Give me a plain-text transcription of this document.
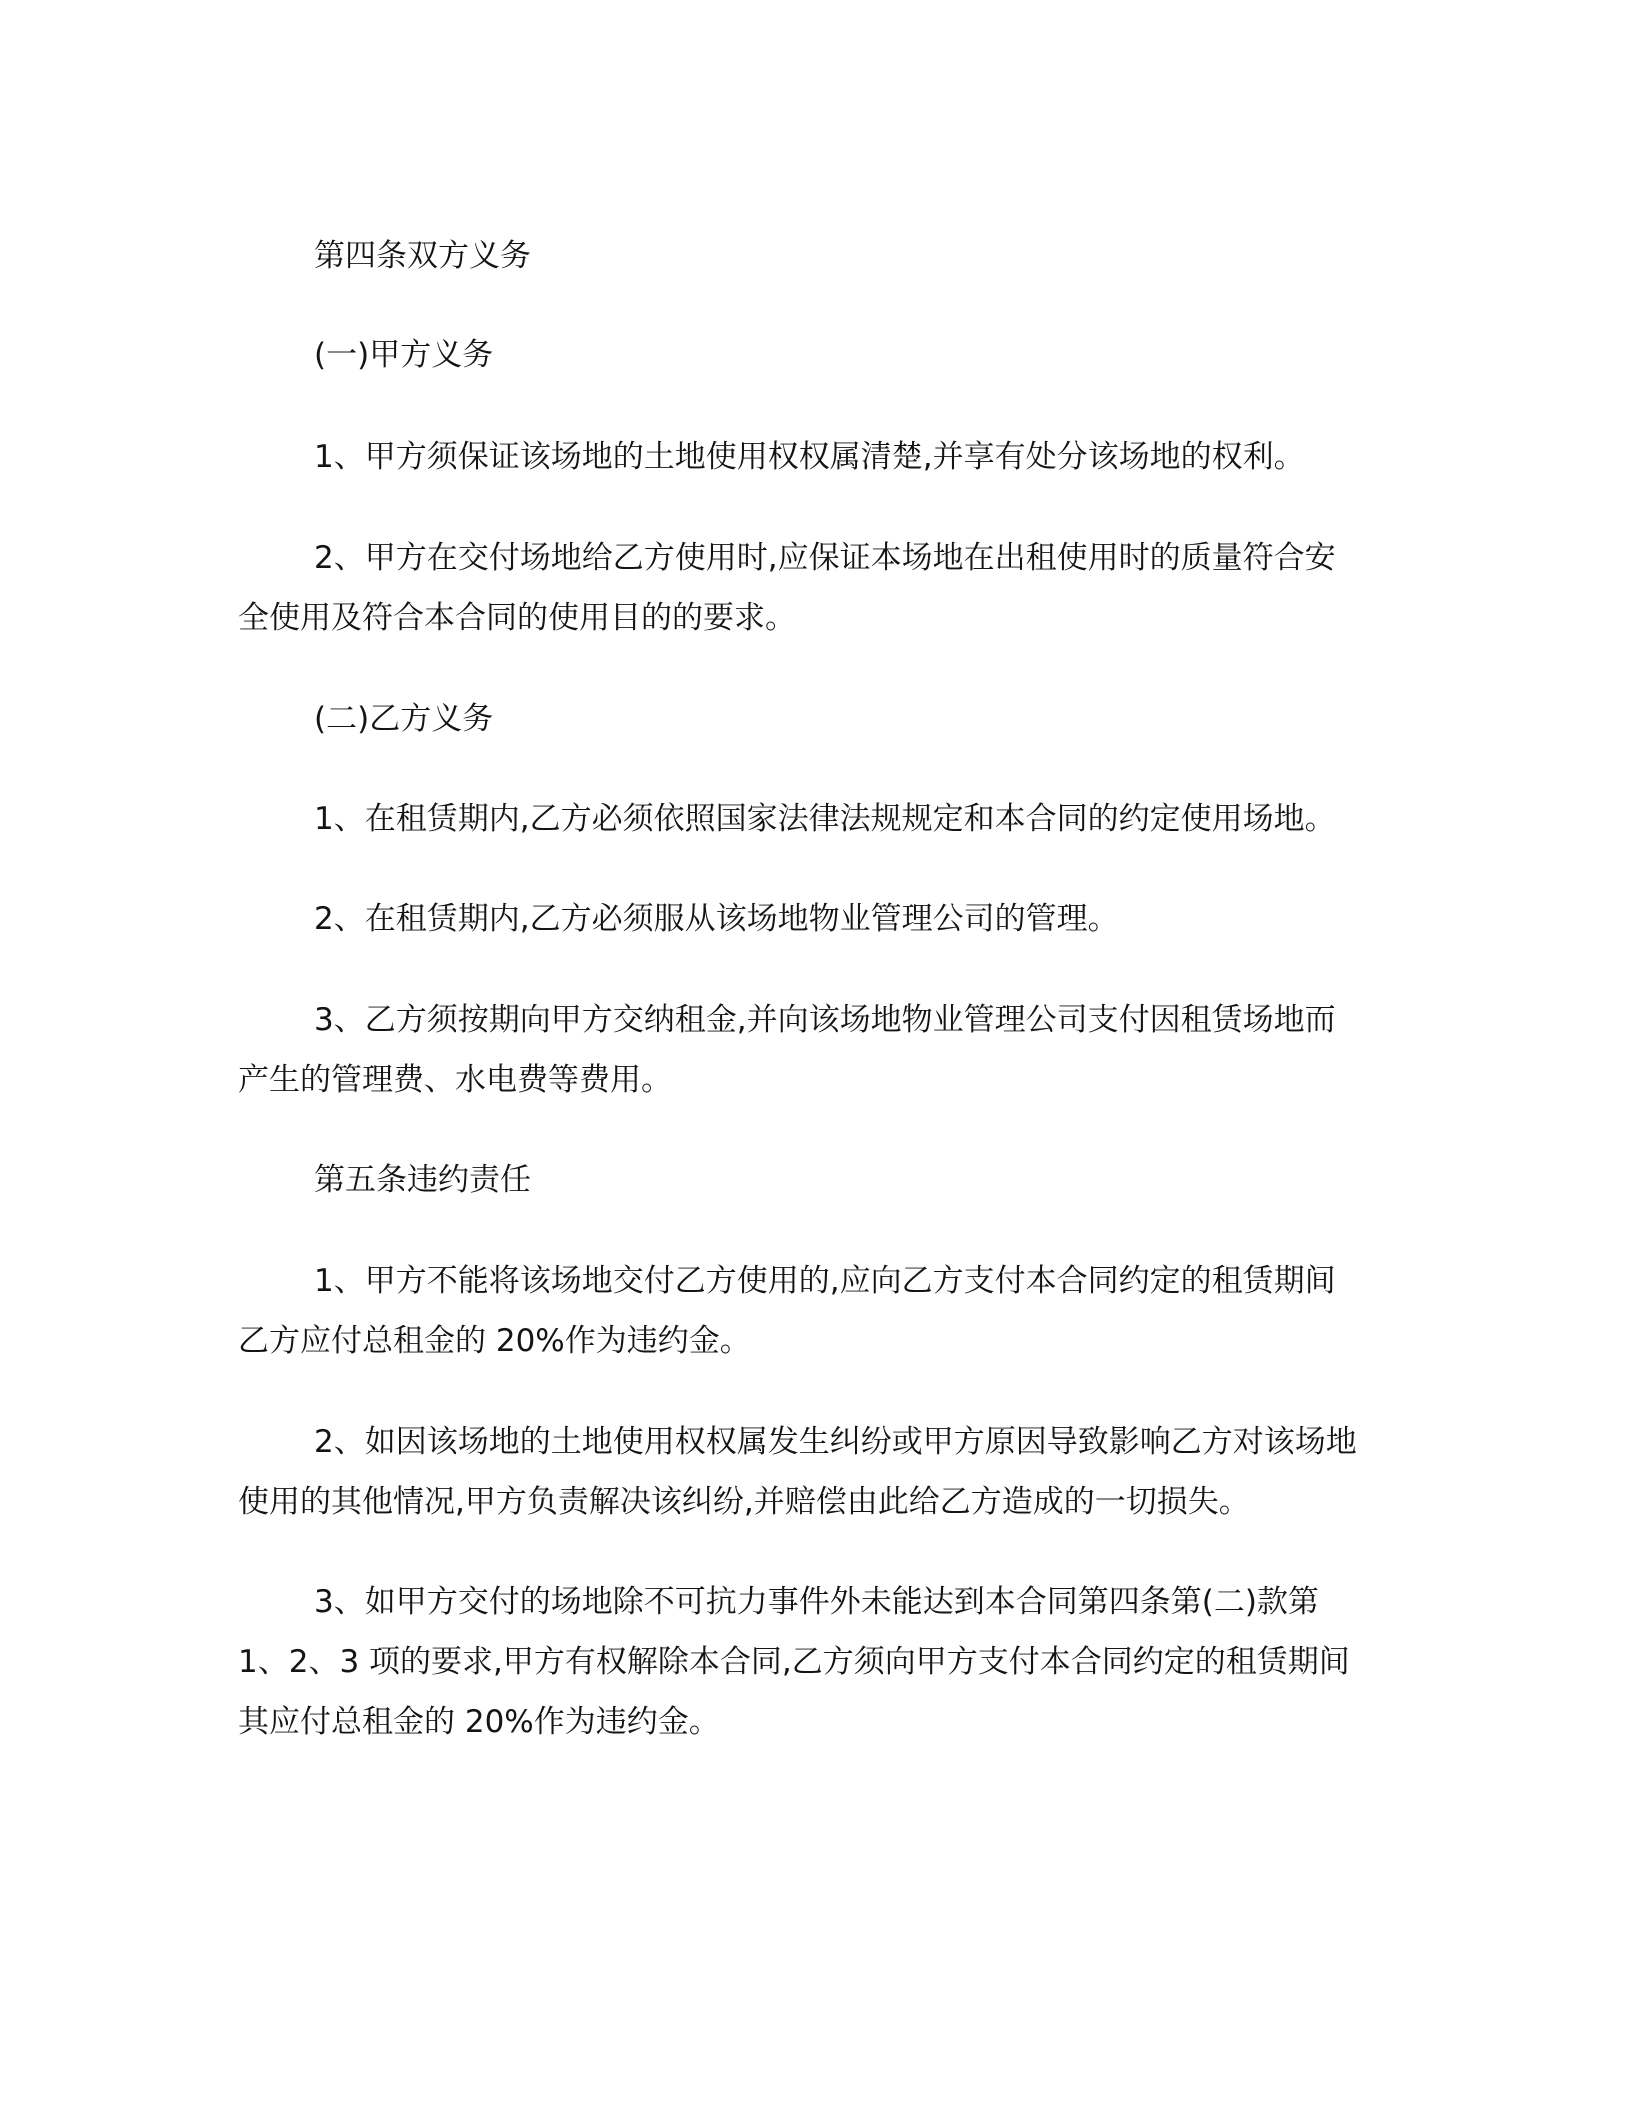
第四条双方义务

(一)甲方义务

1、甲方须保证该场地的土地使用权权属清楚,并享有处分该场地的权利。

2、甲方在交付场地给乙方使用时,应保证本场地在出租使用时的质量符合安

全使用及符合本合同的使用目的的要求。

(二)乙方义务

1、在租赁期内,乙方必须依照国家法律法规规定和本合同的约定使用场地。

2、在租赁期内,乙方必须服从该场地物业管理公司的管理。

3、乙方须按期向甲方交纳租金,并向该场地物业管理公司支付因租赁场地而

产生的管理费、水电费等费用。

第五条违约责任

1、甲方不能将该场地交付乙方使用的,应向乙方支付本合同约定的租赁期间

乙方应付总租金的 20%作为违约金。

2、如因该场地的土地使用权权属发生纠纷或甲方原因导致影响乙方对该场地

使用的其他情况,甲方负责解决该纠纷,并赔偿由此给乙方造成的一切损失。

3、如甲方交付的场地除不可抗力事件外未能达到本合同第四条第(二)款第

1、2、3 项的要求,甲方有权解除本合同,乙方须向甲方支付本合同约定的租赁期间

其应付总租金的 20%作为违约金。
